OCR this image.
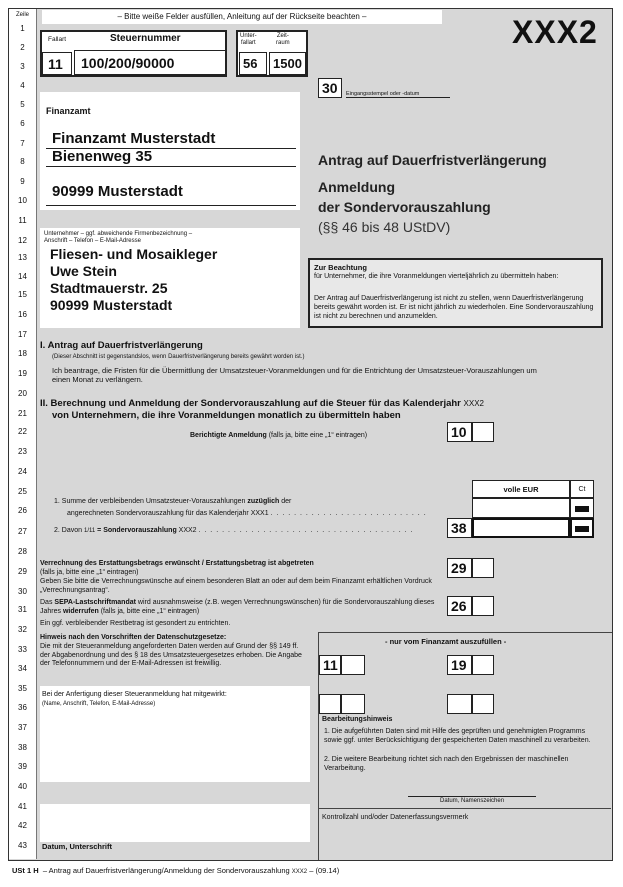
Zeile
1
2
3
4
5
6
7
8
9
10
11
12
13
14
15
16
17
18
19
20
21
22
23
24
25
26
27
28
29
30
31
32
33
34
35
36
37
38
39
40
41
42
43
– Bitte weiße Felder ausfüllen, Anleitung auf der Rückseite beachten –	XXX2
Fallart
11
Steuernummer
100/200/90000
Unter-
fallart
Zeit-
raum
56	1500
30	Eingangsstempel oder -datum
Finanzamt
Finanzamt Musterstadt
Bienenweg 35
90999 Musterstadt
Antrag auf Dauerfristverlängerung
Anmeldung
der Sondervorauszahlung
(§§ 46 bis 48 UStDV)
Unternehmer – ggf. abweichende Firmenbezeichnung –
Anschrift – Telefon – E-Mail-Adresse
Fliesen- und Mosaikleger
Uwe Stein
Stadtmauerstr. 25
90999 Musterstadt
Zur Beachtung
für Unternehmer, die ihre Voranmeldungen vierteljährlich zu übermitteln haben:
Der Antrag auf Dauerfristverlängerung ist nicht zu stellen, wenn Dauerfristverlängerung bereits gewährt worden ist. Er ist nicht jährlich zu wiederholen. Eine Sondervorauszahlung ist nicht zu berechnen und anzumelden.
I. Antrag auf Dauerfristverlängerung
(Dieser Abschnitt ist gegenstandslos, wenn Dauerfristverlängerung bereits gewährt worden ist.)
Ich beantrage, die Fristen für die Übermittlung der Umsatzsteuer-Voranmeldungen und für die Entrichtung der Umsatzsteuer-Vorauszahlungen um einen Monat zu verlängern.
II. Berechnung und Anmeldung der Sondervorauszahlung auf die Steuer für das Kalenderjahr XXX2
von Unternehmern, die ihre Voranmeldungen monatlich zu übermitteln haben
Berichtigte Anmeldung (falls ja, bitte eine „1“ eintragen)	10
volle EUR	Ct
1. Summe der verbleibenden Umsatzsteuer-Vorauszahlungen zuzüglich der
angerechneten Sondervorauszahlung für das Kalenderjahr XXX1 . . . . . . . . . . . . . . . . . . . . . . . . . . .
2. Davon 1/11 = Sondervorauszahlung XXX2 . . . . . . . . . . . . . . . . . . . . . . . . . . . . . . . . . . . . .	38
Verrechnung des Erstattungsbetrags erwünscht / Erstattungsbetrag ist abgetreten
(falls ja, bitte eine „1“ eintragen)
Geben Sie bitte die Verrechnungswünsche auf einem besonderen Blatt an oder auf dem beim Finanzamt erhältlichen Vordruck „Verrechnungsantrag“.
29
Das SEPA-Lastschriftmandat wird ausnahmsweise (z.B. wegen Verrechnungswünschen) für die Sondervorauszahlung dieses Jahres widerrufen (falls ja, bitte eine „1“ eintragen)
Ein ggf. verbleibender Restbetrag ist gesondert zu entrichten.
26
Hinweis nach den Vorschriften der Datenschutzgesetze:
Die mit der Steueranmeldung angeforderten Daten werden auf Grund der §§ 149 ff. der Abgabenordnung und des § 18 des Umsatzsteuergesetzes erhoben. Die Angabe der Telefonnummern und der E-Mail-Adressen ist freiwillig.
Bei der Anfertigung dieser Steueranmeldung hat mitgewirkt:
(Name, Anschrift, Telefon, E-Mail-Adresse)
Datum, Unterschrift
- nur vom Finanzamt auszufüllen -
11	19
Bearbeitungshinweis
1. Die aufgeführten Daten sind mit Hilfe des geprüften und genehmigten Programms sowie ggf. unter Berücksichtigung der gespeicherten Daten maschinell zu verarbeiten.
2. Die weitere Bearbeitung richtet sich nach den Ergebnissen der maschinellen Verarbeitung.
Datum, Namenszeichen
Kontrollzahl und/oder Datenerfassungsvermerk
USt 1 H – Antrag auf Dauerfristverlängerung/Anmeldung der Sondervorauszahlung XXX2 – (09.14)
